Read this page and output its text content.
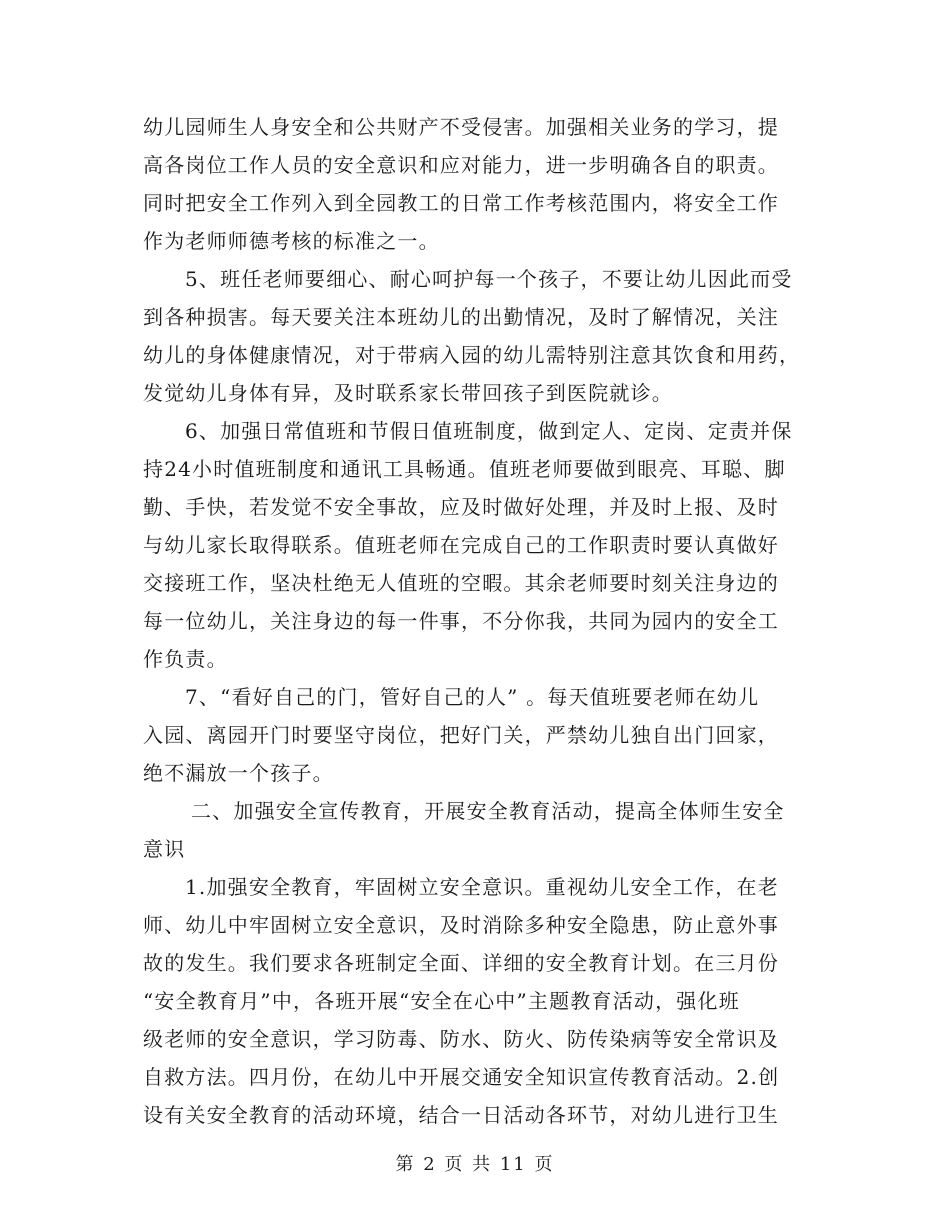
幼儿园师生人身安全和公共财产不受侵害。加强相关业务的学习，提
高各岗位工作人员的安全意识和应对能力，进一步明确各自的职责。
同时把安全工作列入到全园教工的日常工作考核范围内，将安全工作
作为老师师德考核的标准之一。
5、班任老师要细心、耐心呵护每一个孩子，不要让幼儿因此而受
到各种损害。每天要关注本班幼儿的出勤情况，及时了解情况，关注
幼儿的身体健康情况，对于带病入园的幼儿需特别注意其饮食和用药，
发觉幼儿身体有异，及时联系家长带回孩子到医院就诊。
6、加强日常值班和节假日值班制度，做到定人、定岗、定责并保
持24小时值班制度和通讯工具畅通。值班老师要做到眼亮、耳聪、脚
勤、手快，若发觉不安全事故，应及时做好处理，并及时上报、及时
与幼儿家长取得联系。值班老师在完成自己的工作职责时要认真做好
交接班工作，坚决杜绝无人值班的空暇。其余老师要时刻关注身边的
每一位幼儿，关注身边的每一件事，不分你我，共同为园内的安全工
作负责。
7、“看好自己的门，管好自己的人” 。每天值班要老师在幼儿
入园、离园开门时要坚守岗位，把好门关，严禁幼儿独自出门回家，
绝不漏放一个孩子。
二、加强安全宣传教育，开展安全教育活动，提高全体师生安全
意识
1.加强安全教育，牢固树立安全意识。重视幼儿安全工作，在老
师、幼儿中牢固树立安全意识，及时消除多种安全隐患，防止意外事
故的发生。我们要求各班制定全面、详细的安全教育计划。在三月份
“安全教育月”中，各班开展“安全在心中”主题教育活动，强化班
级老师的安全意识，学习防毒、防水、防火、防传染病等安全常识及
自救方法。四月份，在幼儿中开展交通安全知识宣传教育活动。2.创
设有关安全教育的活动环境，结合一日活动各环节，对幼儿进行卫生
第 2 页 共 11 页
